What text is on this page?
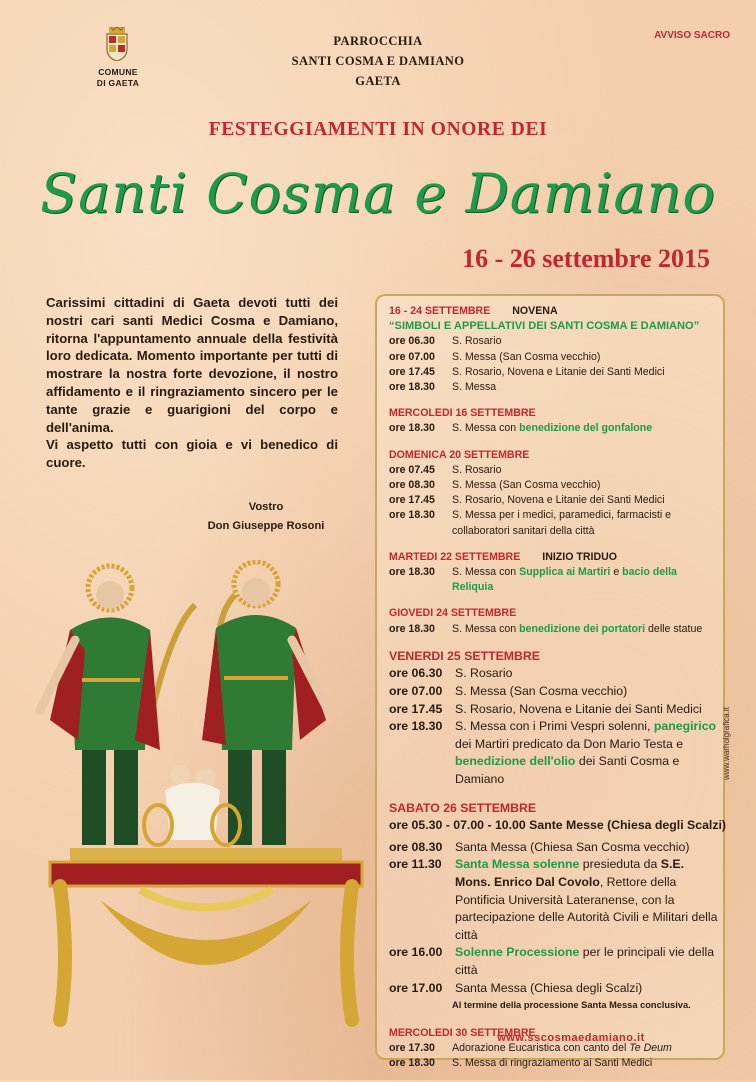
COMUNE
DI GAETA
PARROCCHIA
SANTI COSMA E DAMIANO
GAETA
AVVISO SACRO
FESTEGGIAMENTI IN ONORE DEI
Santi Cosma e Damiano
16 - 26 settembre 2015
Carissimi cittadini di Gaeta devoti tutti dei nostri cari santi Medici Cosma e Damiano, ritorna l'appuntamento annuale della festività loro dedicata. Momento importante per tutti di mostrare la nostra forte devozione, il nostro affidamento e il ringraziamento sincero per le tante grazie e guarigioni del corpo e dell'anima.
Vi aspetto tutti con gioia e vi benedico di cuore.
Vostro
Don Giuseppe Rosoni
16 - 24 SETTEMBRE NOVENA
“SIMBOLI E APPELLATIVI DEI SANTI COSMA E DAMIANO”
ore 06.30	S. Rosario
ore 07.00	S. Messa (San Cosma vecchio)
ore 17.45	S. Rosario, Novena e Litanie dei Santi Medici
ore 18.30	S. Messa
MERCOLEDI 16 SETTEMBRE
ore 18.30	S. Messa con benedizione del gonfalone
DOMENICA 20 SETTEMBRE
ore 07.45	S. Rosario
ore 08.30	S. Messa (San Cosma vecchio)
ore 17.45	S. Rosario, Novena e Litanie dei Santi Medici
ore 18.30	S. Messa per i medici, paramedici, farmacisti e collaboratori sanitari della città
MARTEDI 22 SETTEMBRE INIZIO TRIDUO
ore 18.30	S. Messa con Supplica ai Martiri e bacio della Reliquia
GIOVEDI 24 SETTEMBRE
ore 18.30	S. Messa con benedizione dei portatori delle statue
VENERDI 25 SETTEMBRE
ore 06.30	S. Rosario
ore 07.00	S. Messa (San Cosma vecchio)
ore 17.45	S. Rosario, Novena e Litanie dei Santi Medici
ore 18.30	S. Messa con i Primi Vespri solenni, panegirico dei Martiri predicato da Don Mario Testa e benedizione dell'olio dei Santi Cosma e Damiano
SABATO 26 SETTEMBRE
ore 05.30 - 07.00 - 10.00 Sante Messe (Chiesa degli Scalzi)
ore 08.30	Santa Messa (Chiesa San Cosma vecchio)
ore 11.30	Santa Messa solenne presieduta da S.E. Mons. Enrico Dal Covolo, Rettore della Pontificia Università Lateranense, con la partecipazione delle Autorità Civili e Militari della città
ore 16.00	Solenne Processione per le principali vie della città
ore 17.00	Santa Messa (Chiesa degli Scalzi)
Al termine della processione Santa Messa conclusiva.
MERCOLEDI 30 SETTEMBRE
ore 17.30	Adorazione Eucaristica con canto del Te Deum
ore 18.30	S. Messa di ringraziamento ai Santi Medici
www.sscosmaedamiano.it
www.warholgrafica.it
